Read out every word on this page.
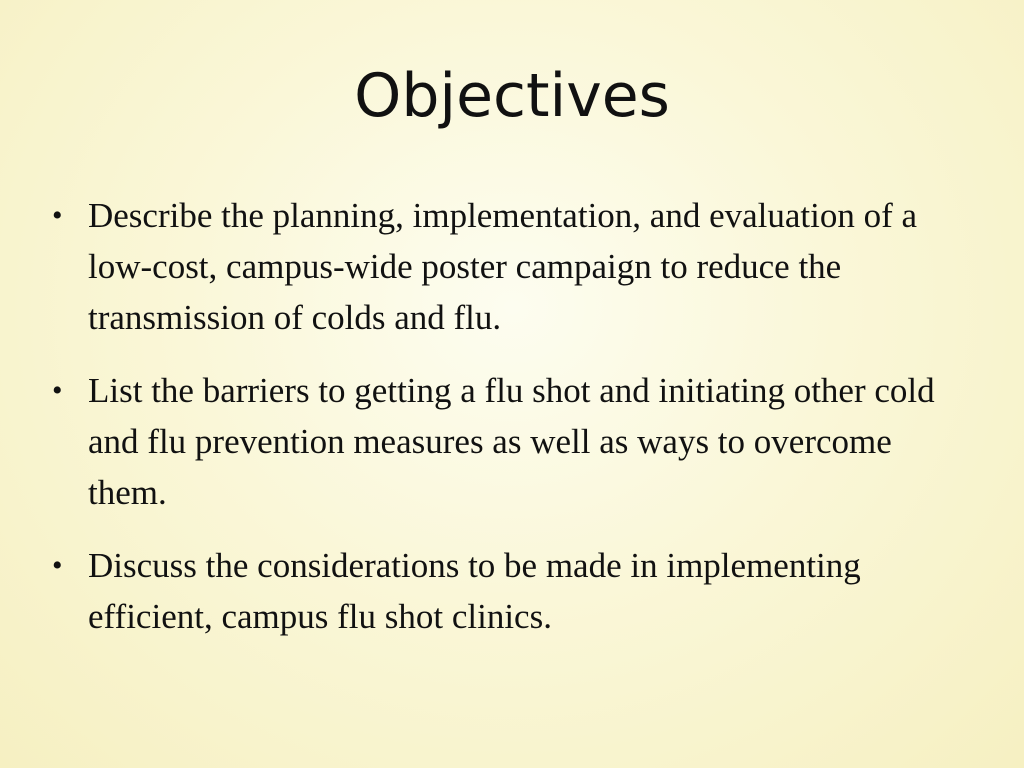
Objectives
• Describe the planning, implementation, and evaluation of a low-cost, campus-wide poster campaign to reduce the transmission of colds and flu.
• List the barriers to getting a flu shot and initiating other cold and flu prevention measures as well as ways to overcome them.
• Discuss the considerations to be made in implementing efficient, campus flu shot clinics.
